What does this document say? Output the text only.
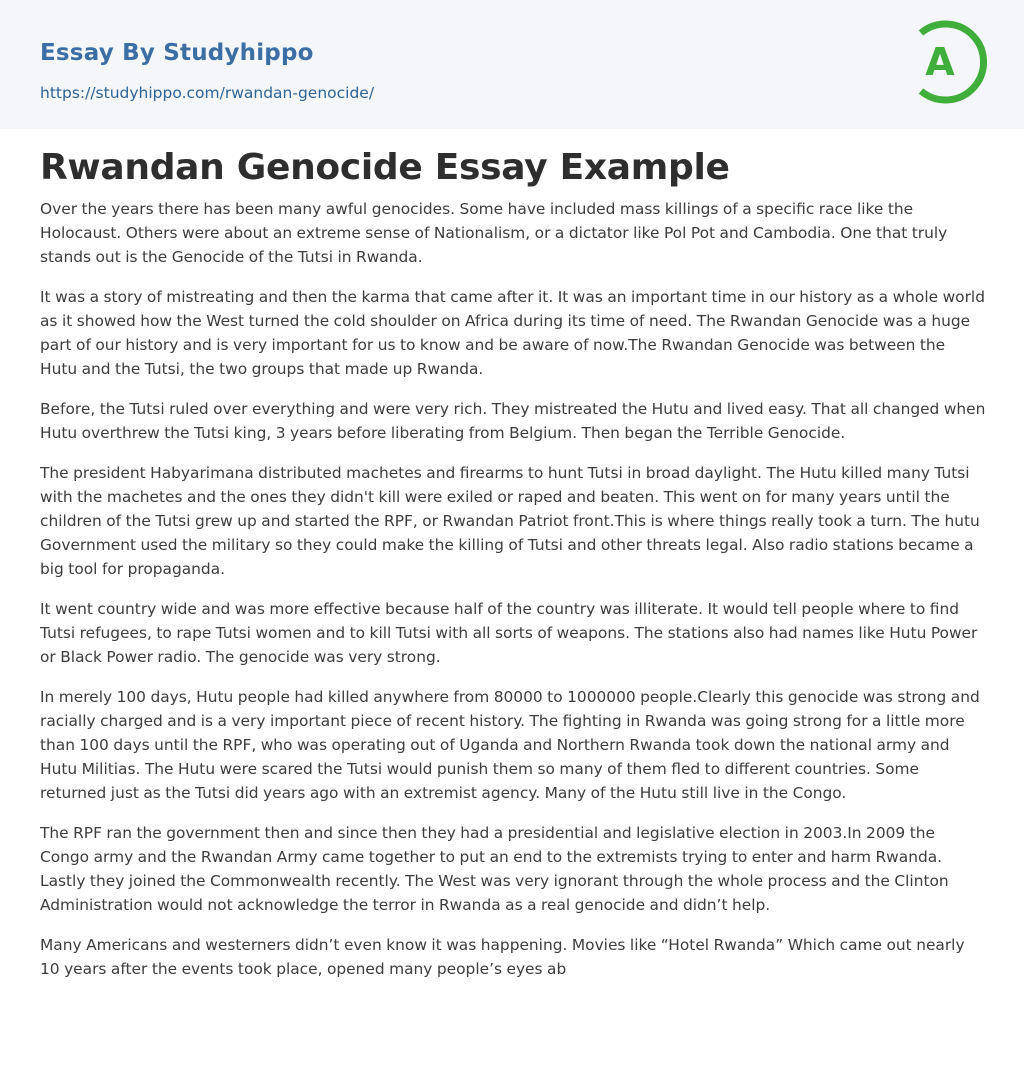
Essay By Studyhippo
https://studyhippo.com/rwandan-genocide/
A
Rwandan Genocide Essay Example

Over the years there has been many awful genocides. Some have included mass killings of a specific race like the Holocaust. Others were about an extreme sense of Nationalism, or a dictator like Pol Pot and Cambodia. One that truly stands out is the Genocide of the Tutsi in Rwanda.

It was a story of mistreating and then the karma that came after it. It was an important time in our history as a whole world as it showed how the West turned the cold shoulder on Africa during its time of need. The Rwandan Genocide was a huge part of our history and is very important for us to know and be aware of now.The Rwandan Genocide was between the Hutu and the Tutsi, the two groups that made up Rwanda.

Before, the Tutsi ruled over everything and were very rich. They mistreated the Hutu and lived easy. That all changed when Hutu overthrew the Tutsi king, 3 years before liberating from Belgium. Then began the Terrible Genocide.

The president Habyarimana distributed machetes and firearms to hunt Tutsi in broad daylight. The Hutu killed many Tutsi with the machetes and the ones they didn't kill were exiled or raped and beaten. This went on for many years until the children of the Tutsi grew up and started the RPF, or Rwandan Patriot front.This is where things really took a turn. The hutu Government used the military so they could make the killing of Tutsi and other threats legal. Also radio stations became a big tool for propaganda.

It went country wide and was more effective because half of the country was illiterate. It would tell people where to find Tutsi refugees, to rape Tutsi women and to kill Tutsi with all sorts of weapons. The stations also had names like Hutu Power or Black Power radio. The genocide was very strong.

In merely 100 days, Hutu people had killed anywhere from 80000 to 1000000 people.Clearly this genocide was strong and racially charged and is a very important piece of recent history. The fighting in Rwanda was going strong for a little more than 100 days until the RPF, who was operating out of Uganda and Northern Rwanda took down the national army and Hutu Militias. The Hutu were scared the Tutsi would punish them so many of them fled to different countries. Some returned just as the Tutsi did years ago with an extremist agency. Many of the Hutu still live in the Congo.

The RPF ran the government then and since then they had a presidential and legislative election in 2003.In 2009 the Congo army and the Rwandan Army came together to put an end to the extremists trying to enter and harm Rwanda. Lastly they joined the Commonwealth recently. The West was very ignorant through the whole process and the Clinton Administration would not acknowledge the terror in Rwanda as a real genocide and didn’t help.

Many Americans and westerners didn’t even know it was happening. Movies like “Hotel Rwanda” Which came out nearly 10 years after the events took place, opened many people’s eyes ab
